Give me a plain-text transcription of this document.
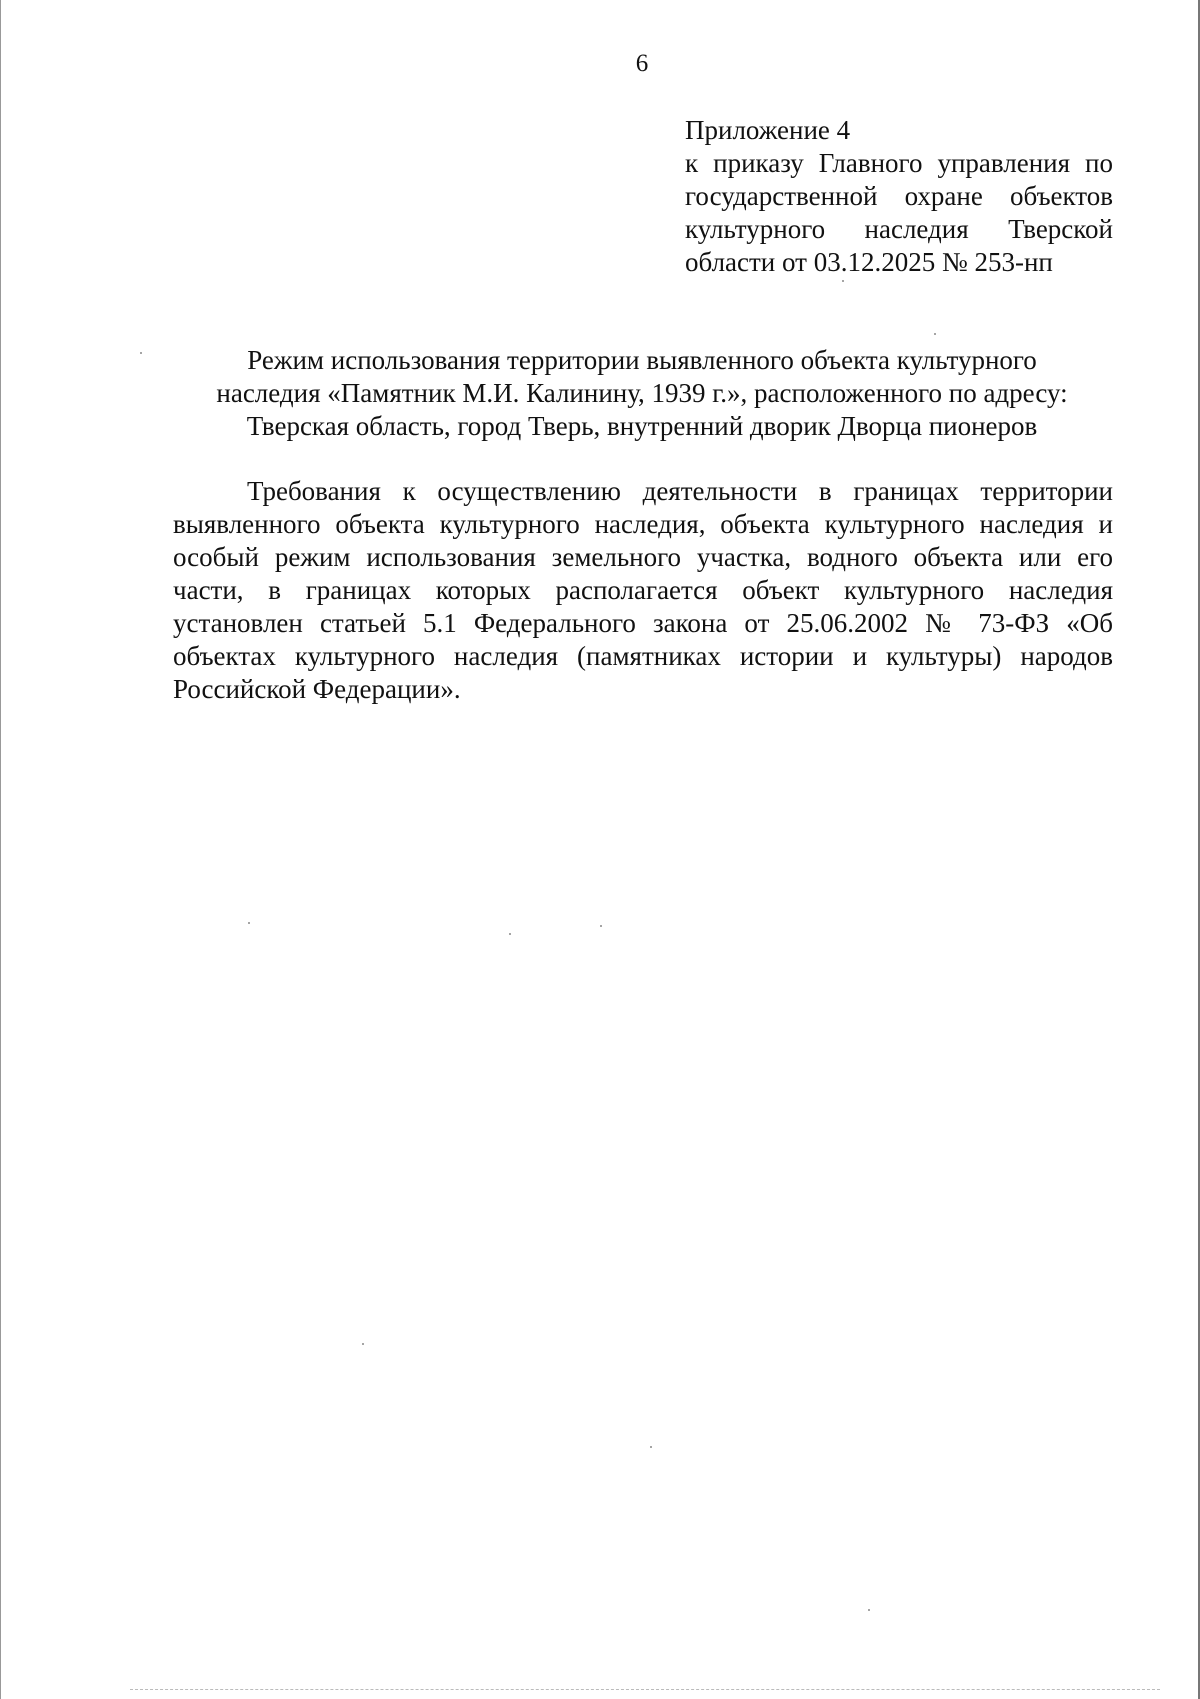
6
Приложение 4
к приказу Главного управления по государственной охране объектов культурного наследия Тверской области от 03.12.2025 № 253-нп
Режим использования территории выявленного объекта культурного
наследия «Памятник М.И. Калинину, 1939 г.», расположенного по адресу:
Тверская область, город Тверь, внутренний дворик Дворца пионеров

Требования к осуществлению деятельности в границах территории выявленного объекта культурного наследия, объекта культурного наследия и особый режим использования земельного участка, водного объекта или его части, в границах которых располагается объект культурного наследия установлен статьей 5.1 Федерального закона от 25.06.2002 № 73-ФЗ «Об объектах культурного наследия (памятниках истории и культуры) народов Российской Федерации».
